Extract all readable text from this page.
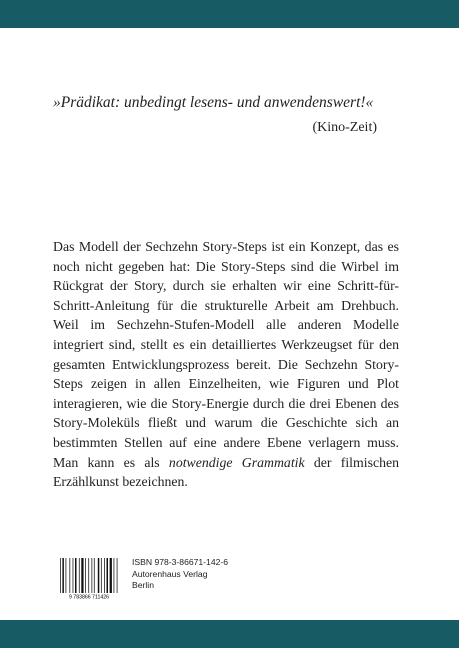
»Prädikat: unbedingt lesens- und anwendenswert!«

(Kino-Zeit)

Das Modell der Sechzehn Story-Steps ist ein Konzept, das es noch nicht gegeben hat: Die Story-Steps sind die Wirbel im Rückgrat der Story, durch sie erhalten wir eine Schritt-für-Schritt-Anleitung für die strukturelle Arbeit am Drehbuch. Weil im Sechzehn-Stufen-Modell alle anderen Modelle integriert sind, stellt es ein detailliertes Werkzeugset für den gesamten Entwicklungsprozess bereit. Die Sechzehn Story-Steps zeigen in allen Einzelheiten, wie Figuren und Plot interagieren, wie die Story-Energie durch die drei Ebenen des Story-Moleküls fließt und warum die Geschichte sich an bestimmten Stellen auf eine andere Ebene verlagern muss. Man kann es als notwendige Grammatik der filmischen Erzählkunst bezeichnen.

9 783866 711426
ISBN 978-3-86671-142-6
Autorenhaus Verlag
Berlin
